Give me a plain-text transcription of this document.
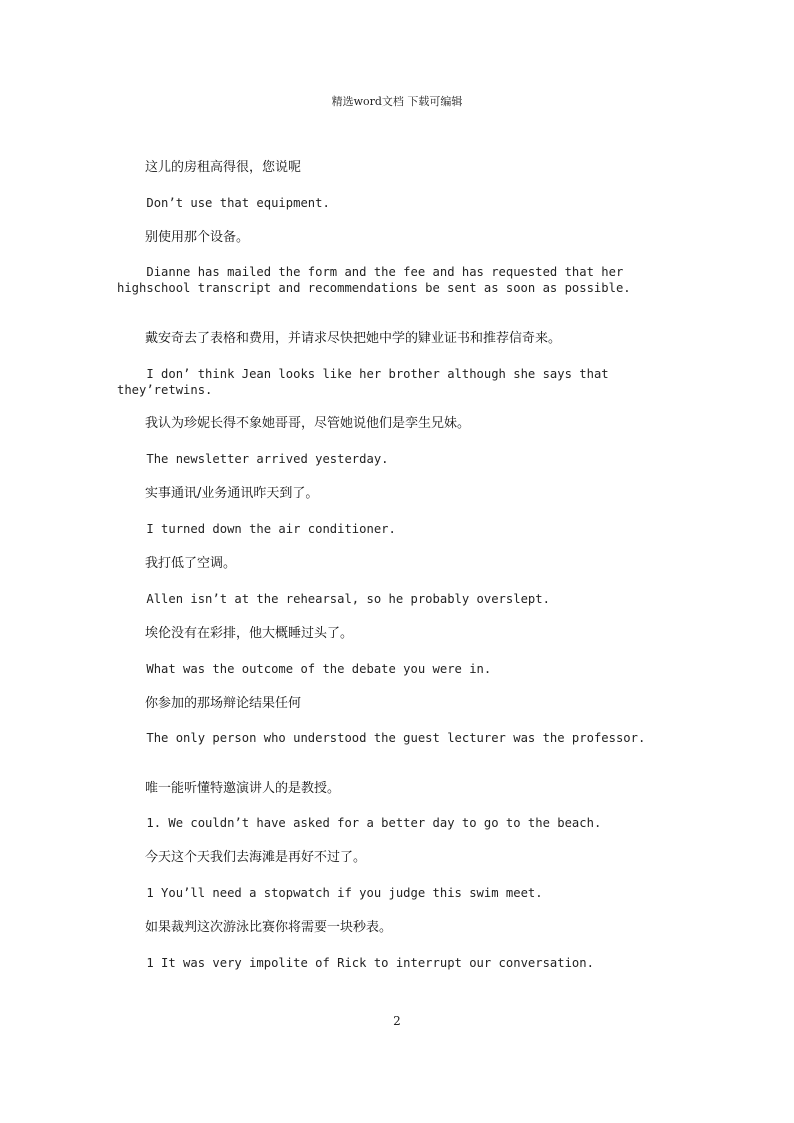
精选word文档 下载可编辑

这儿的房租高得很，您说呢

Don’t use that equipment.

别使用那个设备。

Dianne has mailed the form and the fee and has requested that her highschool transcript and recommendations be sent as soon as possible.

戴安奇去了表格和费用，并请求尽快把她中学的肄业证书和推荐信奇来。

I don’ think Jean looks like her brother although she says that they’retwins.

我认为珍妮长得不象她哥哥，尽管她说他们是孪生兄妹。

The newsletter arrived yesterday.

实事通讯/业务通讯昨天到了。

I turned down the air conditioner.

我打低了空调。

Allen isn’t at the rehearsal, so he probably overslept.

埃伦没有在彩排，他大概睡过头了。

What was the outcome of the debate you were in.

你参加的那场辩论结果任何

The only person who understood the guest lecturer was the professor.

唯一能听懂特邀演讲人的是教授。

1. We couldn’t have asked for a better day to go to the beach.

今天这个天我们去海滩是再好不过了。

1 You’ll need a stopwatch if you judge this swim meet.

如果裁判这次游泳比赛你将需要一块秒表。

1 It was very impolite of Rick to interrupt our conversation.

2
